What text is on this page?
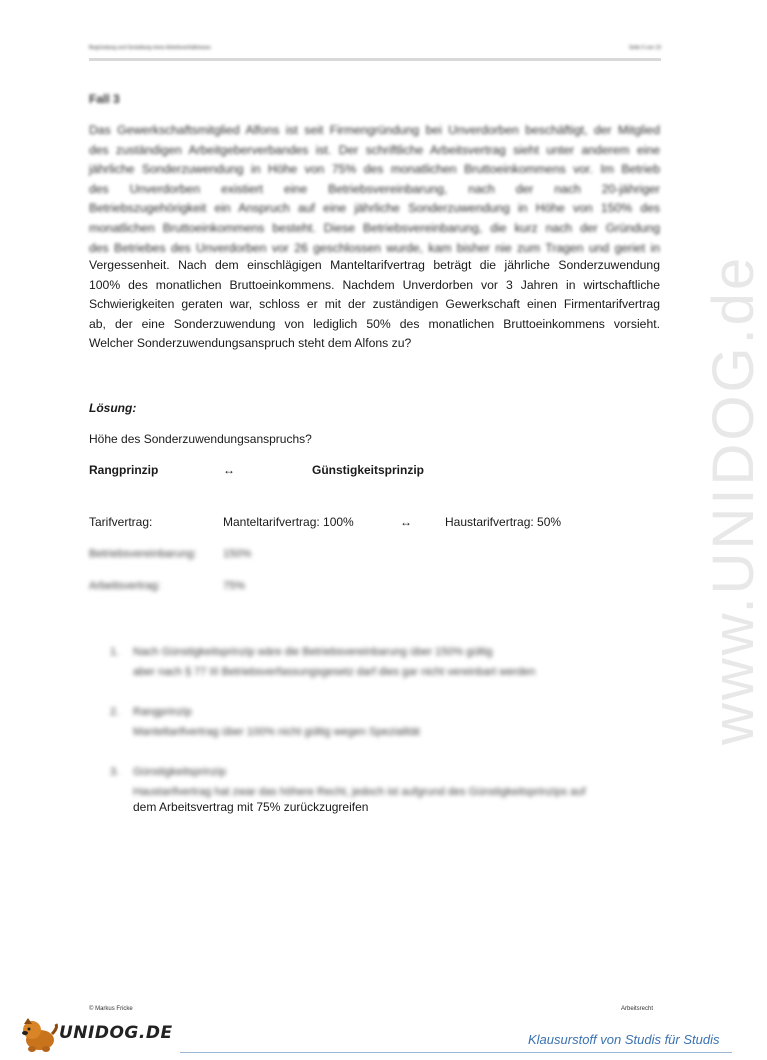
Begründung und Gestaltung eines Arbeitsverhältnisses	Seite 5 von 10
Fall 3
Das Gewerkschaftsmitglied Alfons ist seit Firmengründung bei Unverdorben beschäftigt, der Mitglied
des zuständigen Arbeitgeberverbandes ist. Der schriftliche Arbeitsvertrag sieht unter anderem eine
jährliche Sonderzuwendung in Höhe von 75% des monatlichen Bruttoeinkommens vor. Im Betrieb
des Unverdorben existiert eine Betriebsvereinbarung, nach der nach 20-jähriger
Betriebszugehörigkeit ein Anspruch auf eine jährliche Sonderzuwendung in Höhe von 150% des
monatlichen Bruttoeinkommens besteht. Diese Betriebsvereinbarung, die kurz nach der Gründung
des Betriebes des Unverdorben vor 26 geschlossen wurde, kam bisher nie zum Tragen und geriet in
Vergessenheit. Nach dem einschlägigen Manteltarifvertrag beträgt die jährliche Sonderzuwendung
100% des monatlichen Bruttoeinkommens. Nachdem Unverdorben vor 3 Jahren in wirtschaftliche
Schwierigkeiten geraten war, schloss er mit der zuständigen Gewerkschaft einen Firmentarifvertrag
ab, der eine Sonderzuwendung von lediglich 50% des monatlichen Bruttoeinkommens vorsieht.
Welcher Sonderzuwendungsanspruch steht dem Alfons zu?
Lösung:
Höhe des Sonderzuwendungsanspruchs?
Rangprinzip	↔	Günstigkeitsprinzip
Tarifvertrag:	Manteltarifvertrag: 100%	↔	Haustarifvertrag: 50%
Betriebsvereinbarung: 150%
Arbeitsvertrag:	75%
1. Nach Günstigkeitsprinzip wäre die Betriebsvereinbarung über 150% gültig
aber nach § 77 III Betriebsverfassungsgesetz darf dies gar nicht vereinbart werden
2. Rangprinzip
Manteltarifvertrag über 100% nicht gültig wegen Spezialität
3. Günstigkeitsprinzip
Haustarifvertrag hat zwar das höhere Recht, jedoch ist aufgrund des Günstigkeitsprinzips auf
dem Arbeitsvertrag mit 75% zurückzugreifen
www.UNIDOG.de
© Markus Fricke	Arbeitsrecht
UNIDOG.DE	Klausurstoff von Studis für Studis
